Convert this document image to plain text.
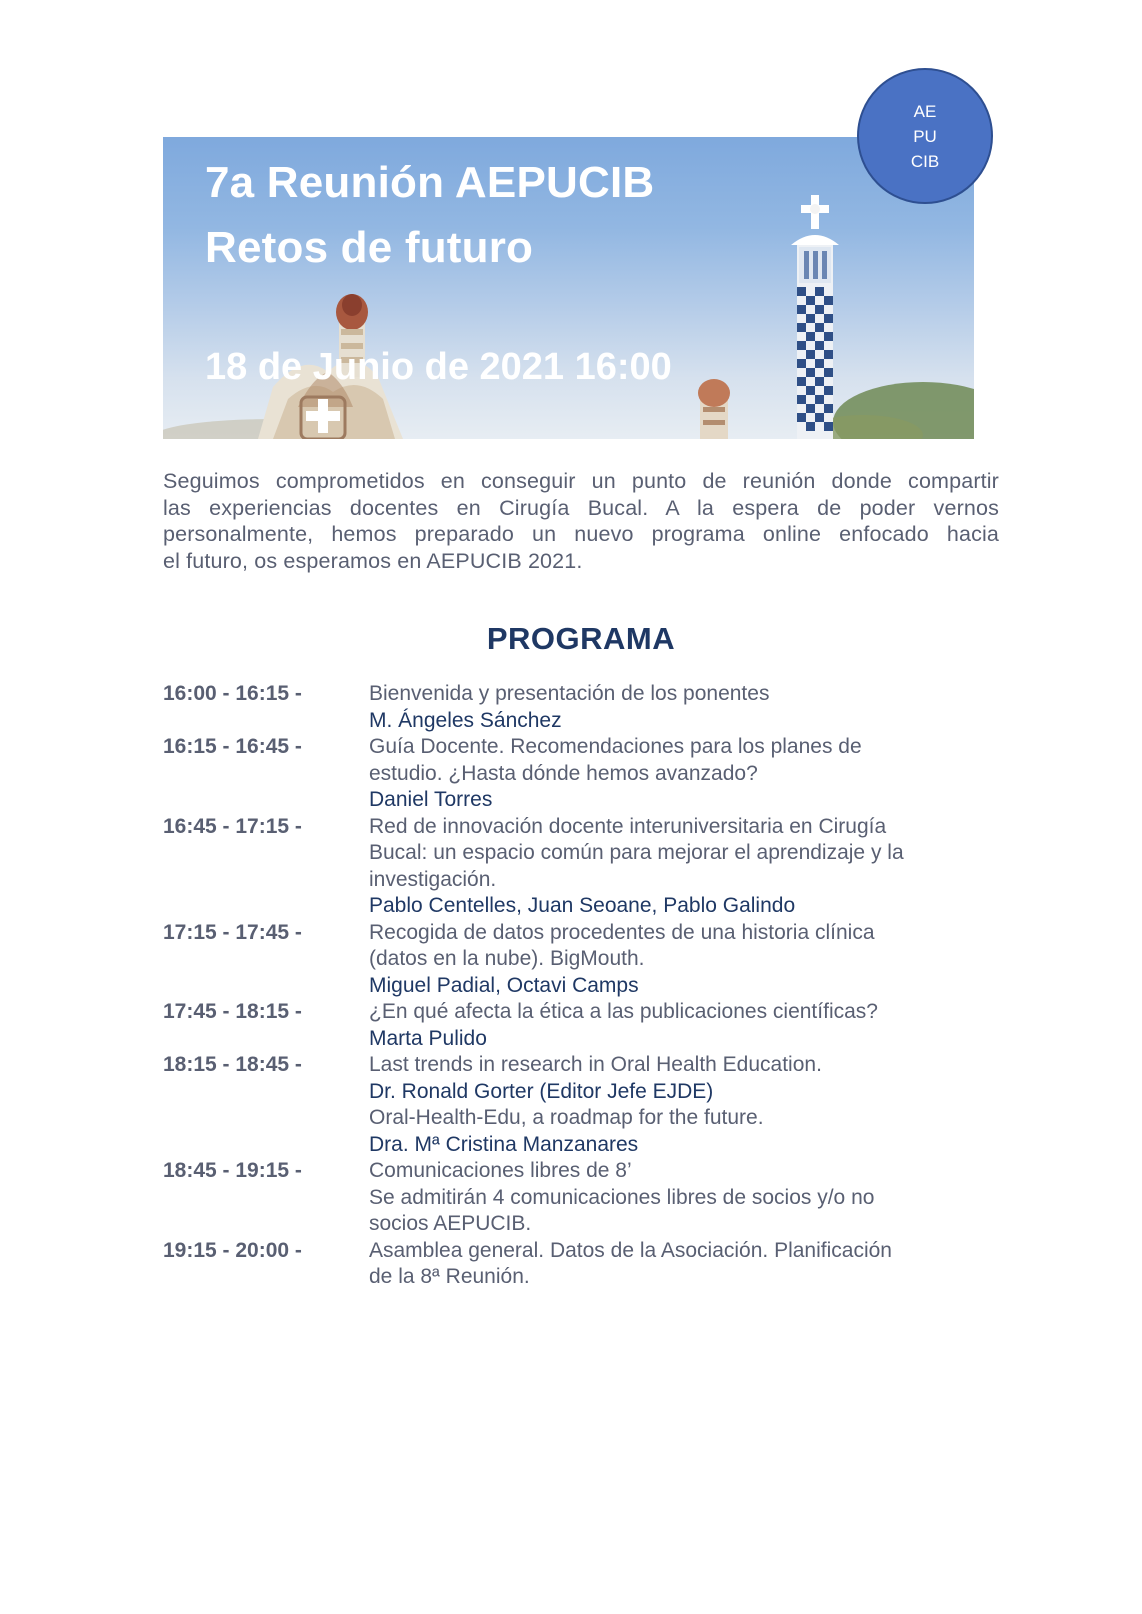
7a Reunión AEPUCIB
Retos de futuro
18 de Junio de 2021 16:00
AE
PU
CIB
Seguimos comprometidos en conseguir un punto de reunión donde compartir
las experiencias docentes en Cirugía Bucal. A la espera de poder vernos
personalmente, hemos preparado un nuevo programa online enfocado hacia
el futuro, os esperamos en AEPUCIB 2021.
PROGRAMA
16:00 - 16:15 -	Bienvenida y presentación de los ponentes
M. Ángeles Sánchez
16:15 - 16:45 -	Guía Docente. Recomendaciones para los planes de
estudio. ¿Hasta dónde hemos avanzado?
Daniel Torres
16:45 - 17:15 -	Red de innovación docente interuniversitaria en Cirugía
Bucal: un espacio común para mejorar el aprendizaje y la
investigación.
Pablo Centelles, Juan Seoane, Pablo Galindo
17:15 - 17:45 -	Recogida de datos procedentes de una historia clínica
(datos en la nube). BigMouth.
Miguel Padial, Octavi Camps
17:45 - 18:15 -	¿En qué afecta la ética a las publicaciones científicas?
Marta Pulido
18:15 - 18:45 -	Last trends in research in Oral Health Education.
Dr. Ronald Gorter (Editor Jefe EJDE)
Oral-Health-Edu, a roadmap for the future.
Dra. Mª Cristina Manzanares
18:45 - 19:15 -	Comunicaciones libres de 8’
Se admitirán 4 comunicaciones libres de socios y/o no
socios AEPUCIB.
19:15 - 20:00 -	Asamblea general. Datos de la Asociación. Planificación
de la 8ª Reunión.
